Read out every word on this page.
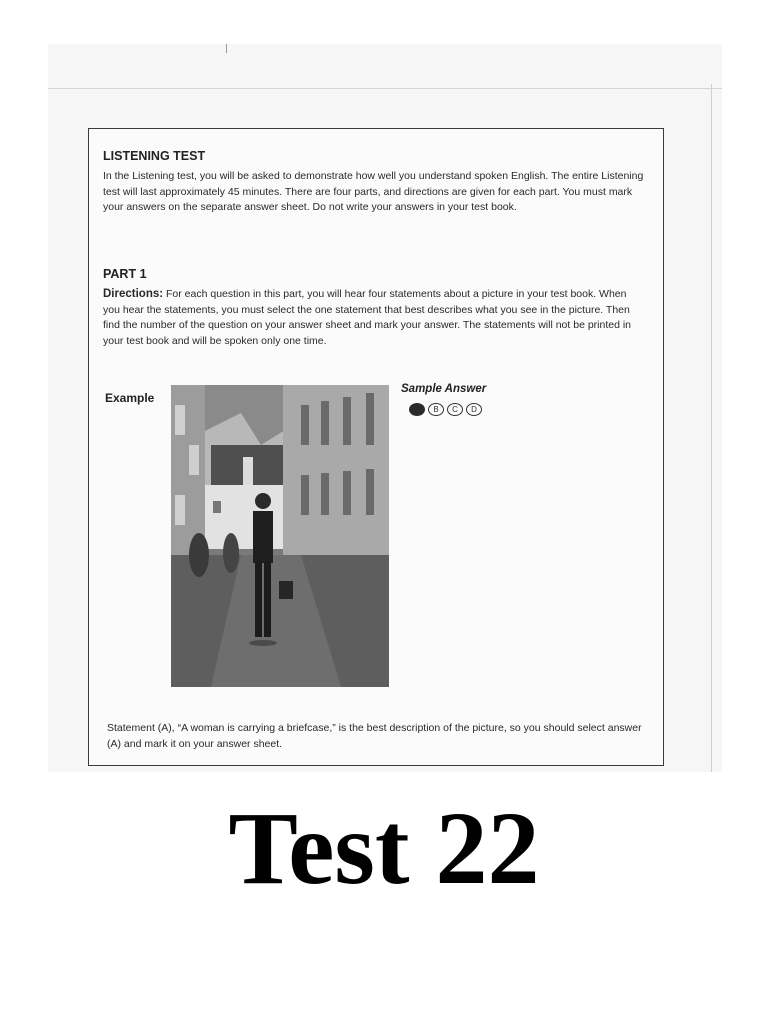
LISTENING TEST

In the Listening test, you will be asked to demonstrate how well you understand spoken English. The entire Listening test will last approximately 45 minutes. There are four parts, and directions are given for each part. You must mark your answers on the separate answer sheet. Do not write your answers in your test book.

PART 1

Directions: For each question in this part, you will hear four statements about a picture in your test book. When you hear the statements, you must select the one statement that best describes what you see in the picture. Then find the number of the question on your answer sheet and mark your answer. The statements will not be printed in your test book and will be spoken only one time.

Example

Sample Answer

B	C	D

Statement (A), “A woman is carrying a briefcase,” is the best description of the picture, so you should select answer (A) and mark it on your answer sheet.

Test 22
